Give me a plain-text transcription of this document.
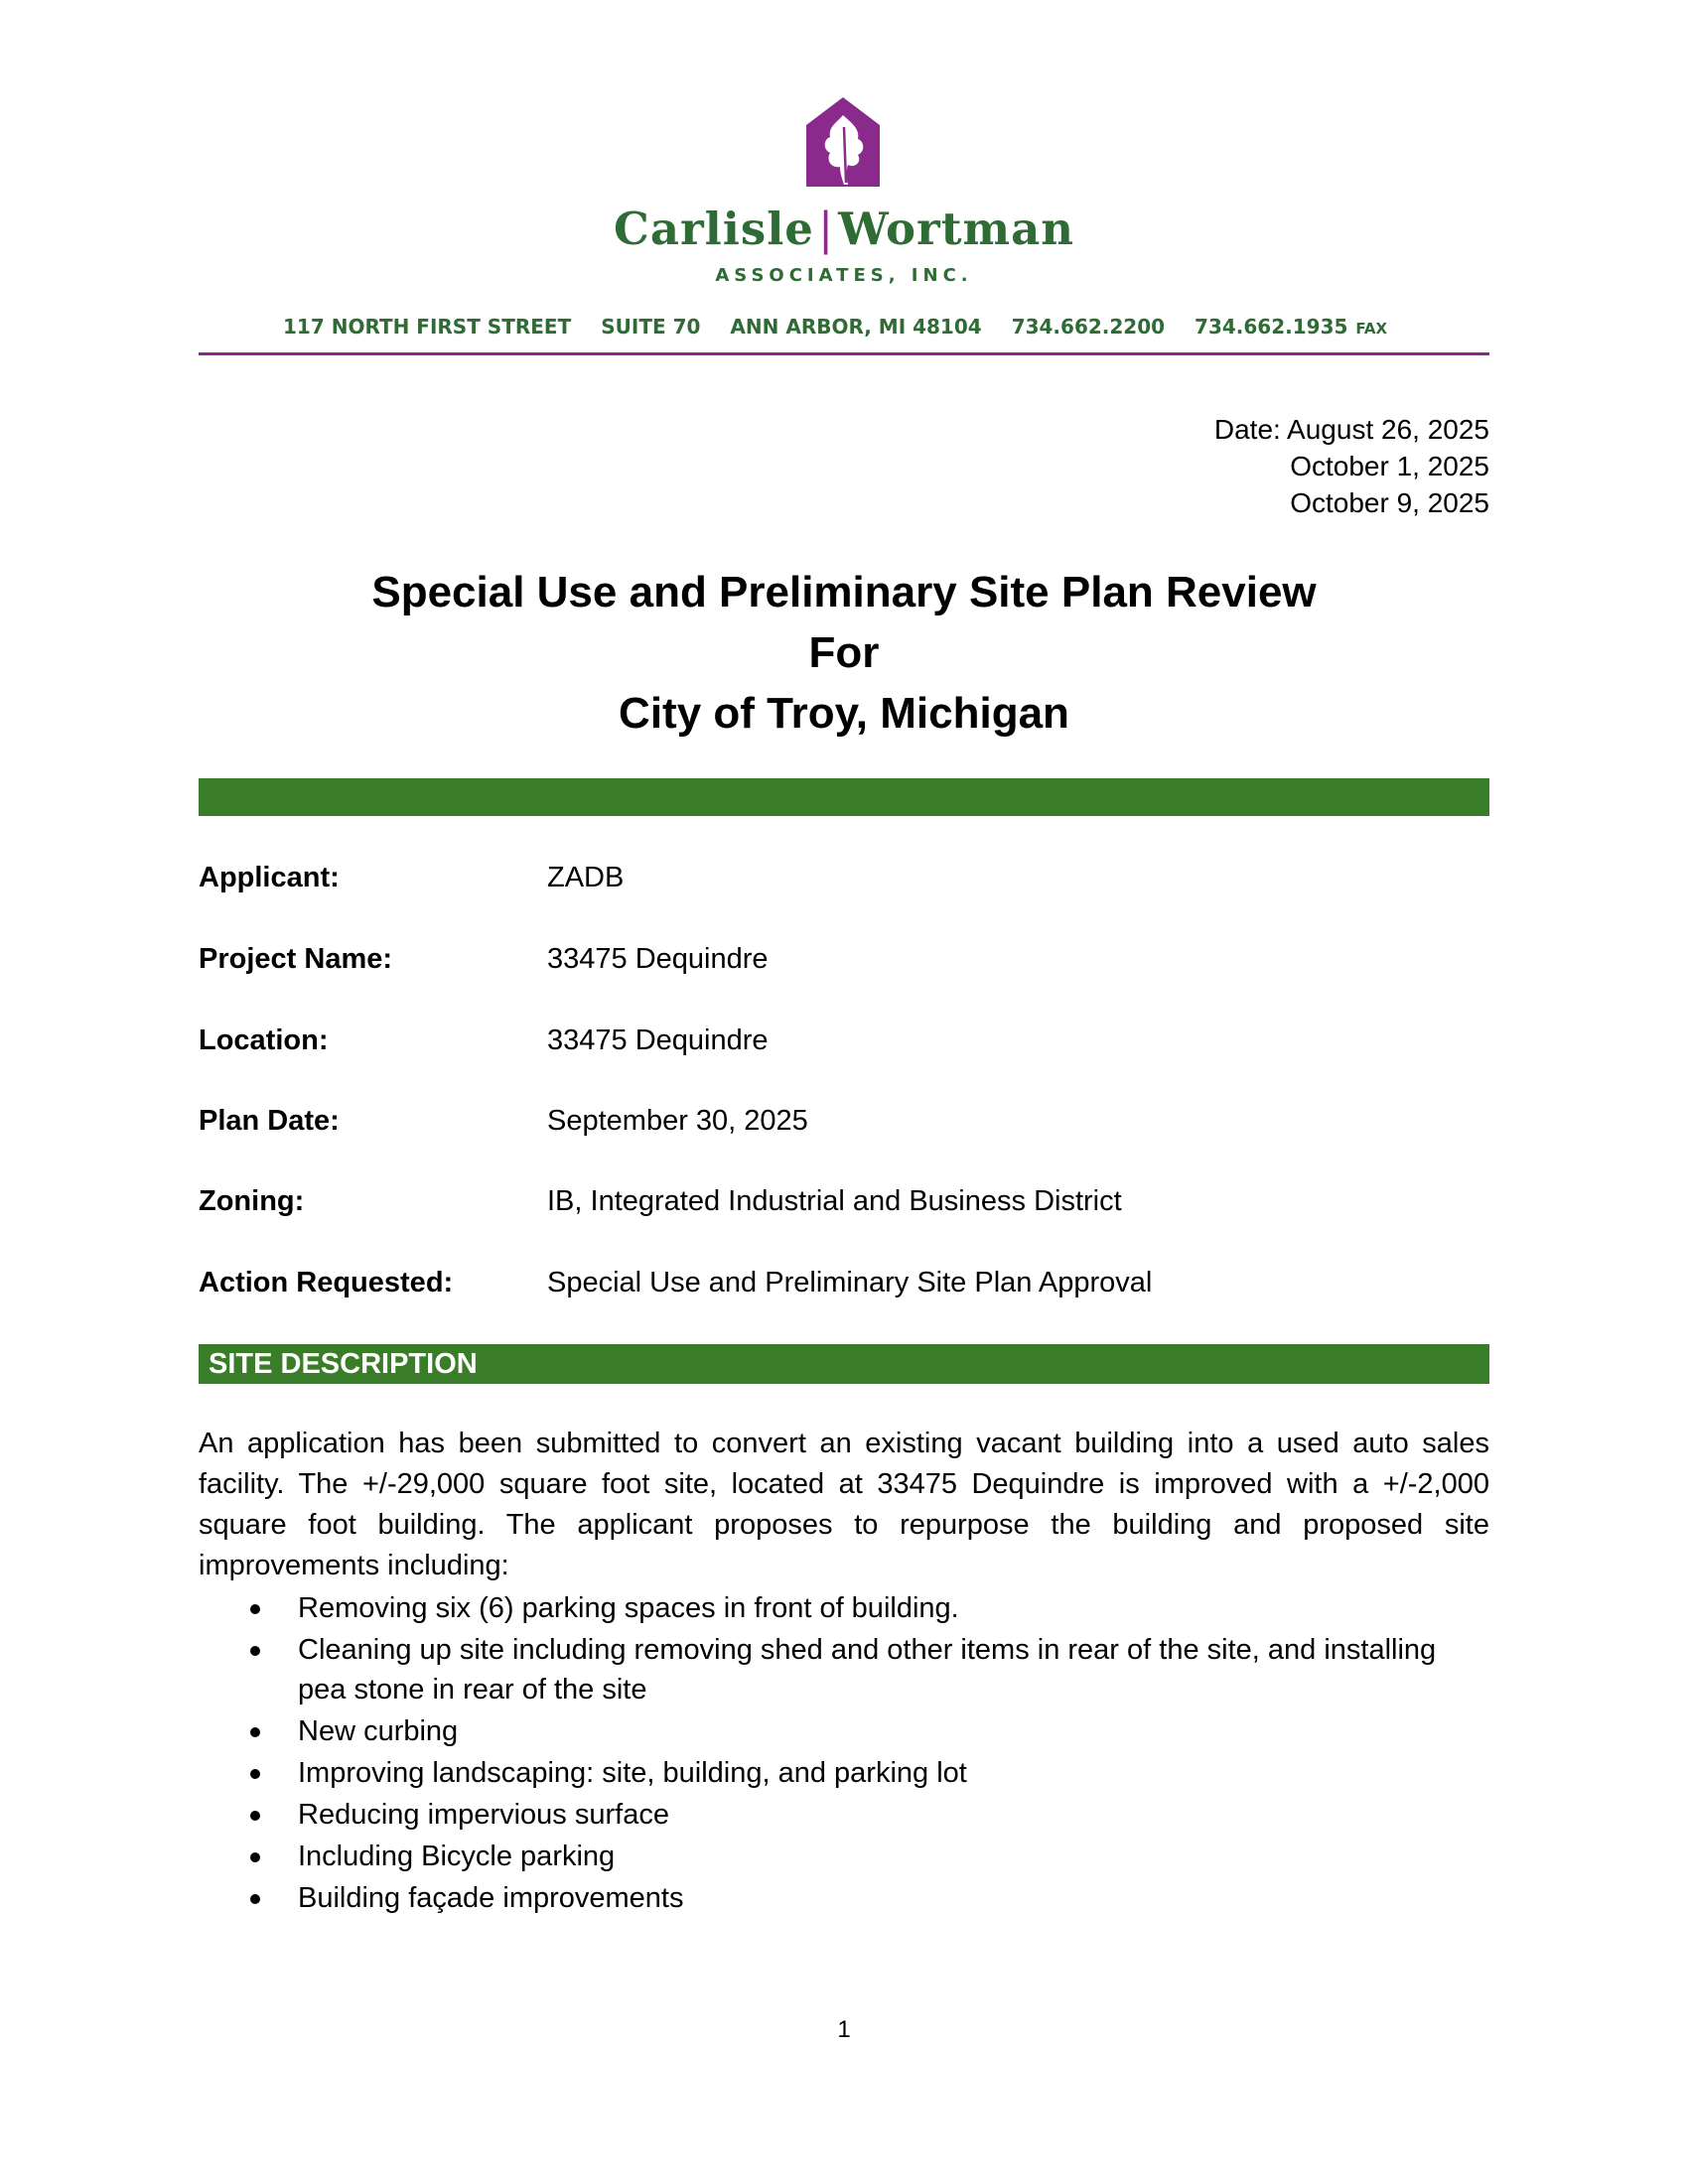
Carlisle|Wortman
ASSOCIATES, INC.
117 NORTH FIRST STREET SUITE 70 ANN ARBOR, MI 48104 734.662.2200 734.662.1935 FAX
Date: August 26, 2025
October 1, 2025
October 9, 2025
Special Use and Preliminary Site Plan Review
For
City of Troy, Michigan
Applicant:	ZADB
Project Name:	33475 Dequindre
Location:	33475 Dequindre
Plan Date:	September 30, 2025
Zoning:	IB, Integrated Industrial and Business District
Action Requested:	Special Use and Preliminary Site Plan Approval
SITE DESCRIPTION
An application has been submitted to convert an existing vacant building into a used auto sales facility. The +/-29,000 square foot site, located at 33475 Dequindre is improved with a +/-2,000 square foot building. The applicant proposes to repurpose the building and proposed site improvements including:
Removing six (6) parking spaces in front of building.
Cleaning up site including removing shed and other items in rear of the site, and installing pea stone in rear of the site
New curbing
Improving landscaping: site, building, and parking lot
Reducing impervious surface
Including Bicycle parking
Building façade improvements
1
